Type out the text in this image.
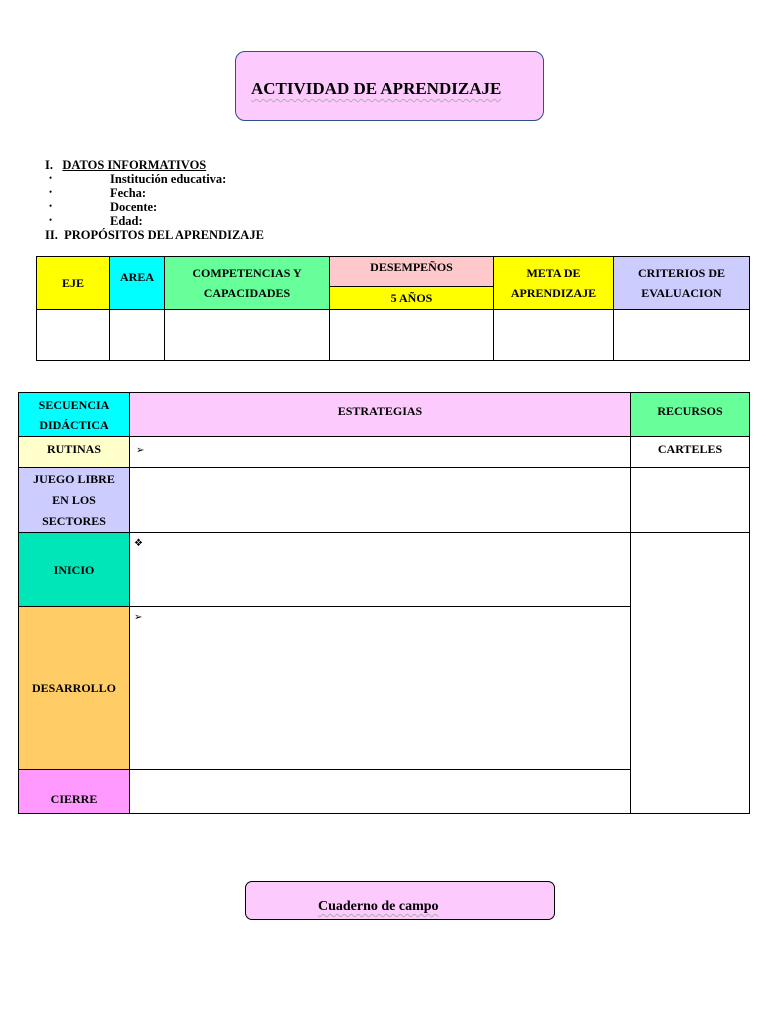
ACTIVIDAD DE APRENDIZAJE
I. DATOS INFORMATIVOS
•	Institución educativa:
•	Fecha:
•	Docente:
•	Edad:
II. PROPÓSITOS DEL APRENDIZAJE
EJE	AREA	COMPETENCIAS Y CAPACIDADES	DESEMPEÑOS	META DE APRENDIZAJE	CRITERIOS DE EVALUACION
			5 AÑOS		

SECUENCIA DIDÁCTICA	ESTRATEGIAS	RECURSOS
RUTINAS	➢	CARTELES
JUEGO LIBRE EN LOS SECTORES		
INICIO	❖	

DESARROLLO	➢	

CIERRE		
Cuaderno de campo
